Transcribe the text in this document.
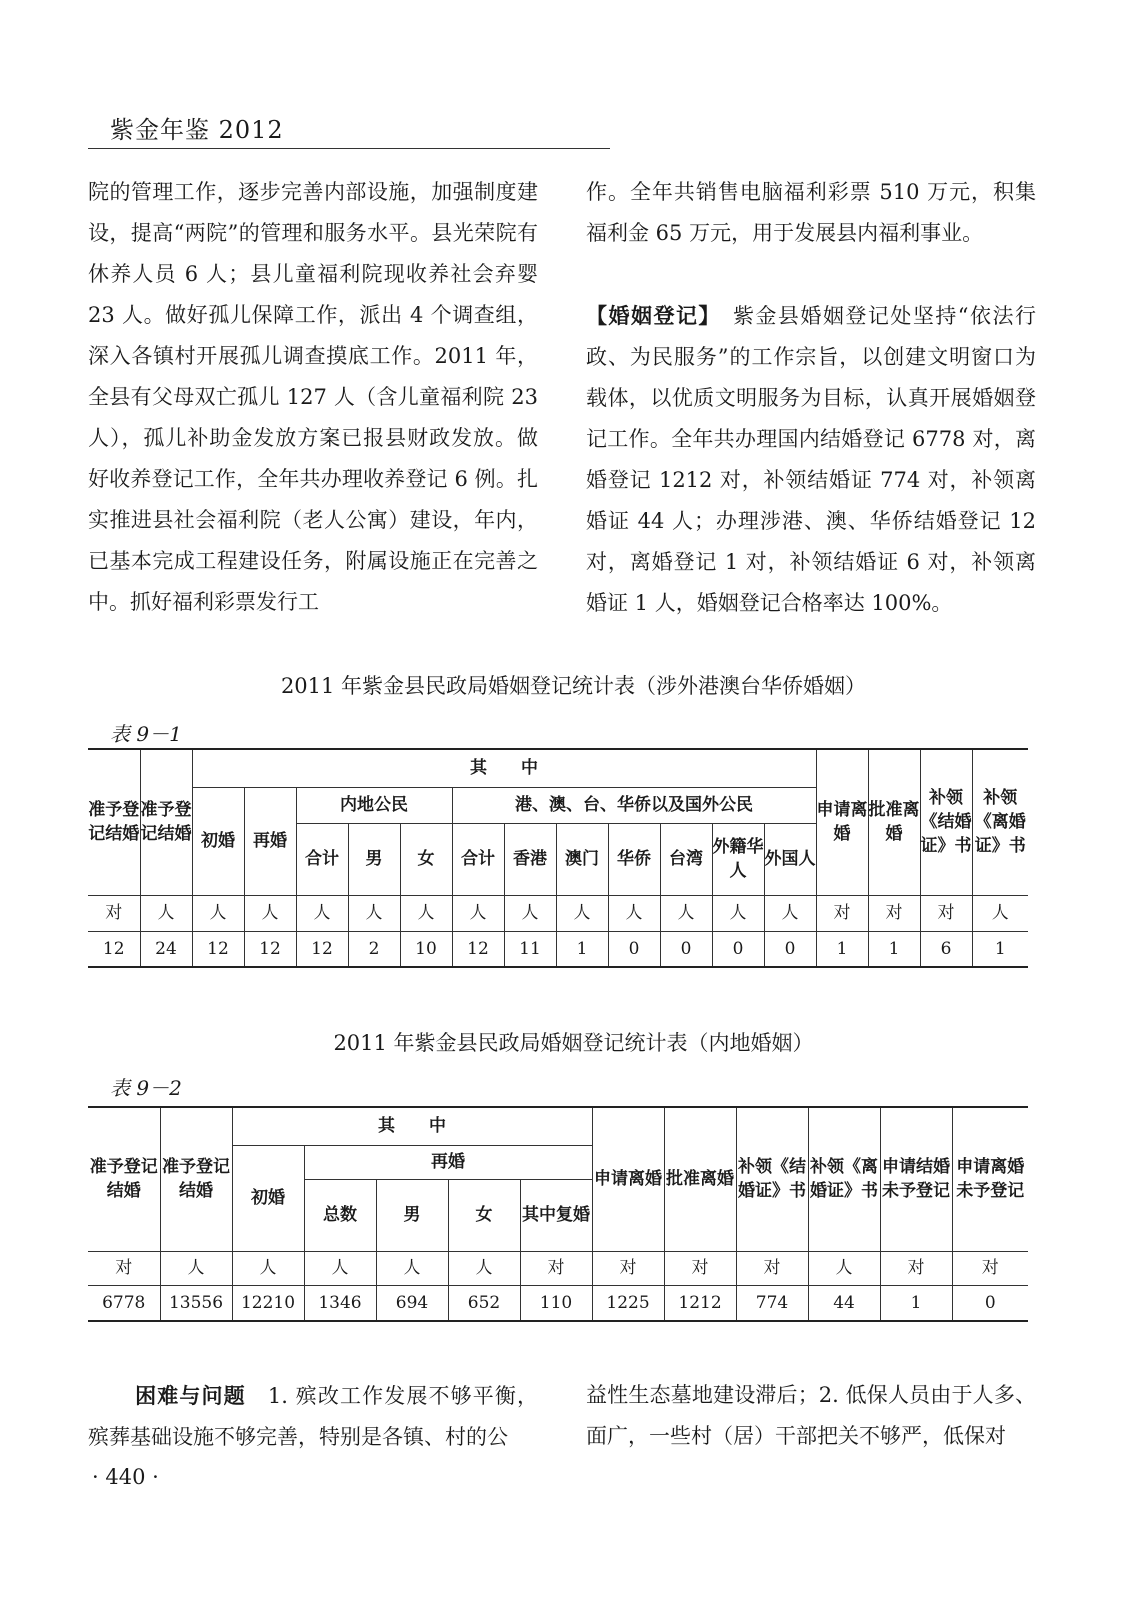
紫金年鉴 2012

院的管理工作，逐步完善内部设施，加强制度建设，提高“两院”的管理和服务水平。县光荣院有休养人员 6 人；县儿童福利院现收养社会弃婴 23 人。做好孤儿保障工作，派出 4 个调查组，深入各镇村开展孤儿调查摸底工作。2011 年，全县有父母双亡孤儿 127 人（含儿童福利院 23 人），孤儿补助金发放方案已报县财政发放。做好收养登记工作，全年共办理收养登记 6 例。扎实推进县社会福利院（老人公寓）建设，年内，已基本完成工程建设任务，附属设施正在完善之中。抓好福利彩票发行工

作。全年共销售电脑福利彩票 510 万元，积集福利金 65 万元，用于发展县内福利事业。

【婚姻登记】　 紫金县婚姻登记处坚持“依法行政、为民服务”的工作宗旨，以创建文明窗口为载体，以优质文明服务为目标，认真开展婚姻登记工作。全年共办理国内结婚登记 6778 对，离婚登记 1212 对，补领结婚证 774 对，补领离婚证 44 人；办理涉港、澳、华侨结婚登记 12 对，离婚登记 1 对，补领结婚证 6 对，补领离婚证 1 人，婚姻登记合格率达 100%。

2011 年紫金县民政局婚姻登记统计表（涉外港澳台华侨婚姻）
表 9－1
准予登记结婚	准予登记结婚	其　　中												申请离婚	批准离婚	补领《结婚证》书	补领《离婚证》书
		初婚	再婚	内地公民			港、澳、台、华侨以及国外公民										
				合计	男	女	合计	香港	澳门	华侨	台湾	外籍华人	外国人				

对	人	人	人	人	人	人	人	人	人	人	人	人	人	对	对	对	人
12	24	12	12	12	2	10	12	11	1	0	0	0	0	1	1	6	1
2011 年紫金县民政局婚姻登记统计表（内地婚姻）
表 9－2
准予登记结婚	准予登记结婚	其　　中					申请离婚	批准离婚	补领《结婚证》书	补领《离婚证》书	申请结婚未予登记	申请离婚未予登记
		初婚	再婚									
			总数	男	女	其中复婚						

对	人	人	人	人	人	对	对	对	对	人	对	对
6778	13556	12210	1346	694	652	110	1225	1212	774	44	1	0

困难与问题　 1. 殡改工作发展不够平衡，殡葬基础设施不够完善，特别是各镇、村的公

益性生态墓地建设滞后；2. 低保人员由于人多、面广，一些村（居）干部把关不够严，低保对

· 440 ·
